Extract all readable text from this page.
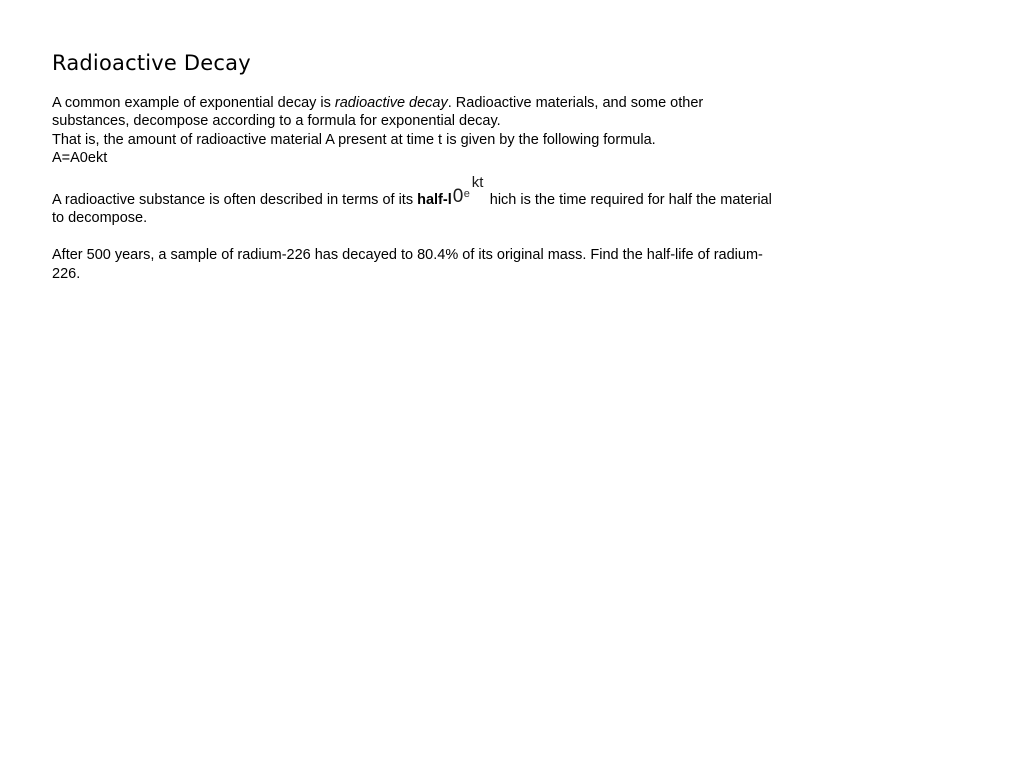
Radioactive Decay

A common example of exponential decay is radioactive decay. Radioactive materials, and some other substances, decompose according to a formula for exponential decay.

That is, the amount of radioactive material A present at time t is given by the following formula.

A=A0ekt

A radioactive substance is often described in terms of its half-l 0 e
kt
hich is the time required for half the material to decompose.

After 500 years, a sample of radium-226 has decayed to 80.4% of its original mass. Find the half-life of radium-226.
